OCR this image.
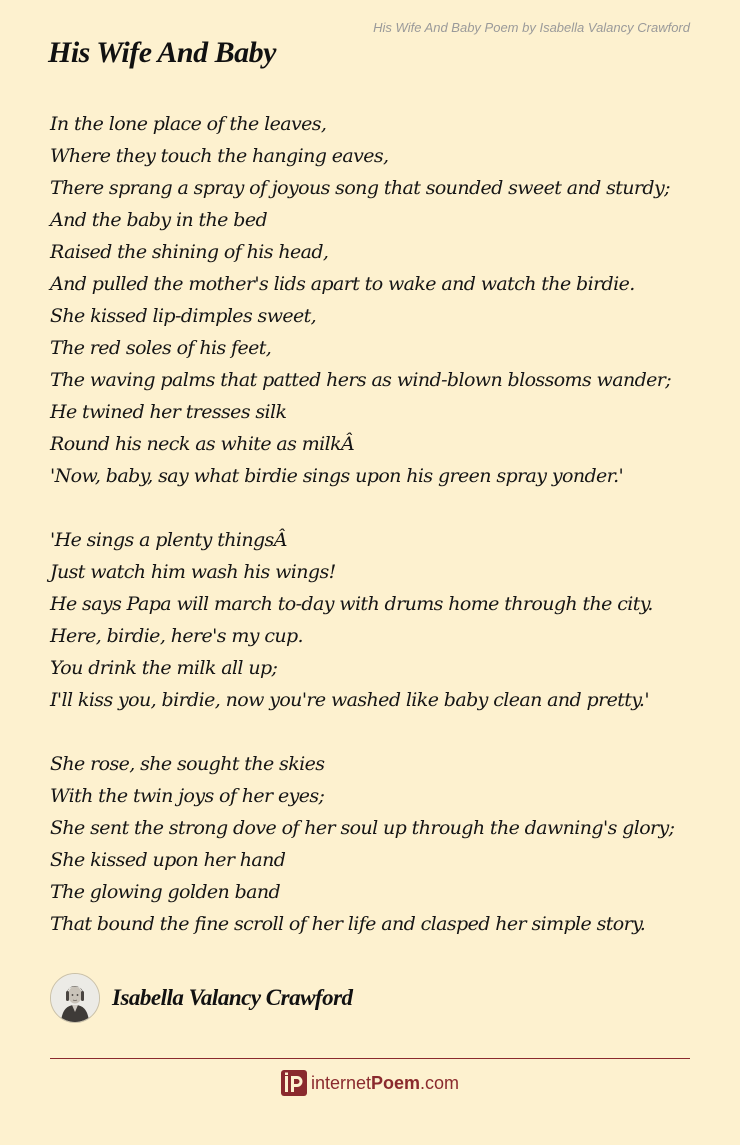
His Wife And Baby Poem by Isabella Valancy Crawford
His Wife And Baby
In the lone place of the leaves,
Where they touch the hanging eaves,
There sprang a spray of joyous song that sounded sweet and sturdy;
And the baby in the bed
Raised the shining of his head,
And pulled the mother's lids apart to wake and watch the birdie.
She kissed lip-dimples sweet,
The red soles of his feet,
The waving palms that patted hers as wind-blown blossoms wander;
He twined her tresses silk
Round his neck as white as milkÂ
'Now, baby, say what birdie sings upon his green spray yonder.'
'He sings a plenty thingsÂ
Just watch him wash his wings!
He says Papa will march to-day with drums home through the city.
Here, birdie, here's my cup.
You drink the milk all up;
I'll kiss you, birdie, now you're washed like baby clean and pretty.'
She rose, she sought the skies
With the twin joys of her eyes;
She sent the strong dove of her soul up through the dawning's glory;
She kissed upon her hand
The glowing golden band
That bound the fine scroll of her life and clasped her simple story.
Isabella Valancy Crawford
internetPoem.com
